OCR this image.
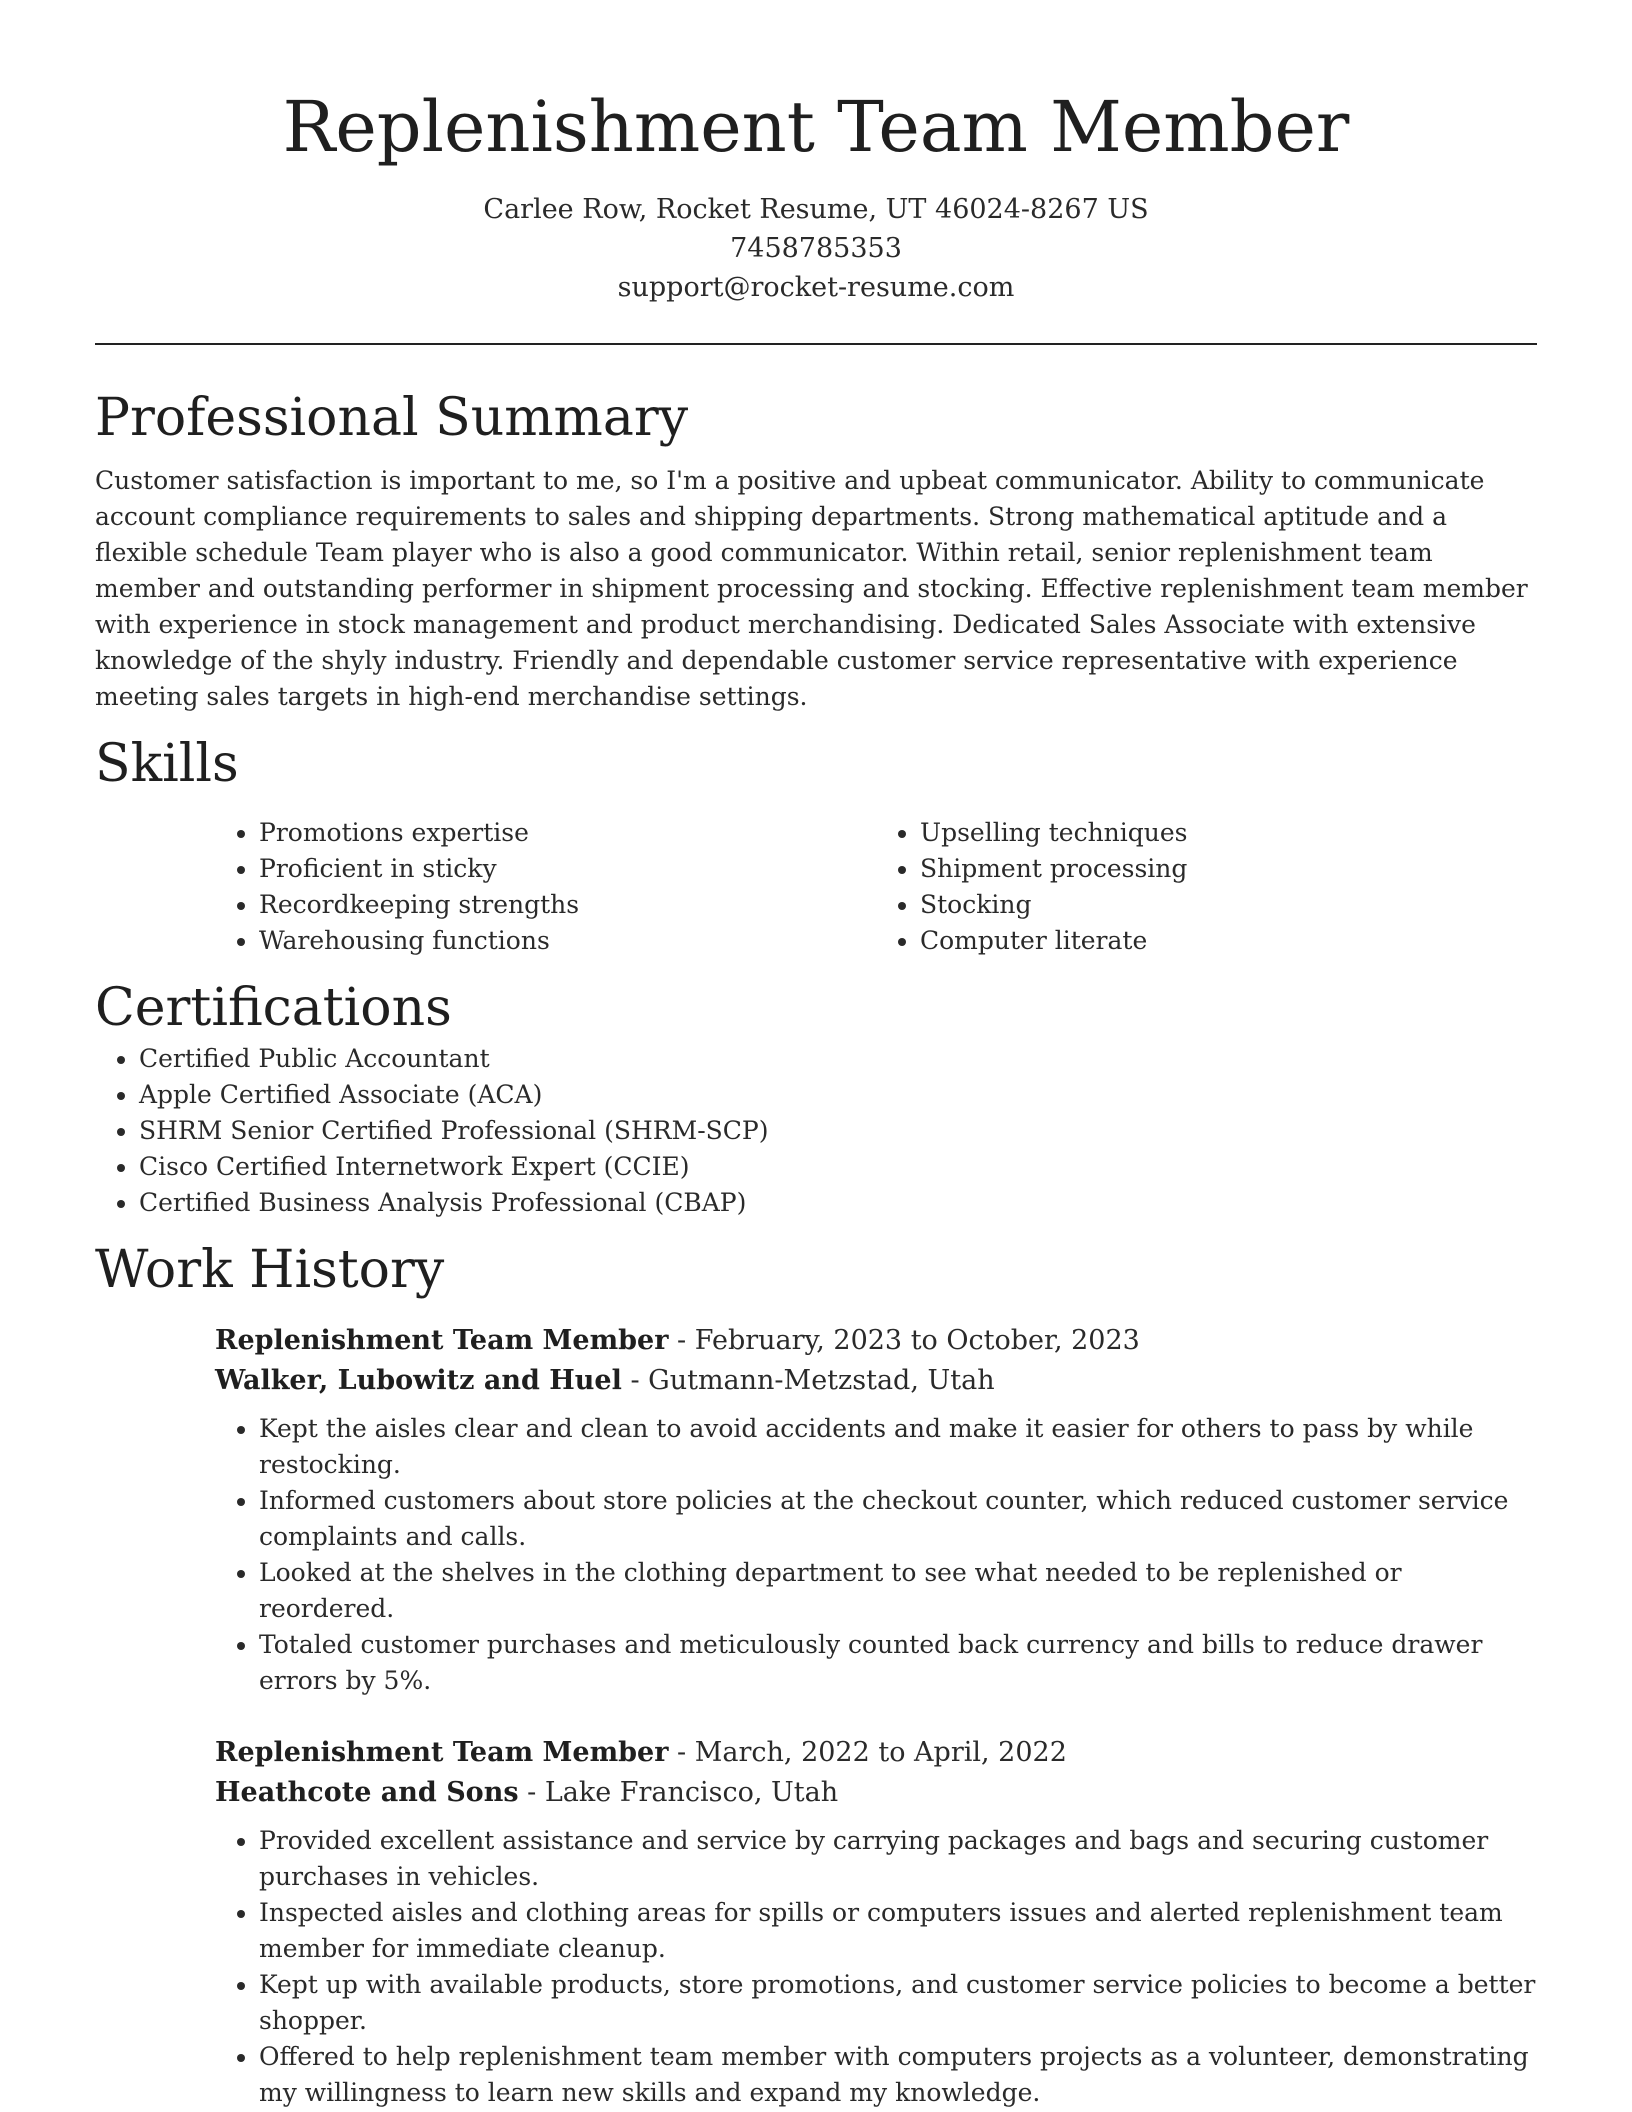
Replenishment Team Member
Carlee Row, Rocket Resume, UT 46024-8267 US
7458785353
support@rocket-resume.com
Professional Summary

Customer satisfaction is important to me, so I'm a positive and upbeat communicator. Ability to communicate account compliance requirements to sales and shipping departments. Strong mathematical aptitude and a flexible schedule Team player who is also a good communicator. Within retail, senior replenishment team member and outstanding performer in shipment processing and stocking. Effective replenishment team member with experience in stock management and product merchandising. Dedicated Sales Associate with extensive knowledge of the shyly industry. Friendly and dependable customer service representative with experience meeting sales targets in high-end merchandise settings.

Skills
• Promotions expertise
• Proficient in sticky
• Recordkeeping strengths
• Warehousing functions
• Upselling techniques
• Shipment processing
• Stocking
• Computer literate
Certifications
• Certified Public Accountant
• Apple Certified Associate (ACA)
• SHRM Senior Certified Professional (SHRM-SCP)
• Cisco Certified Internetwork Expert (CCIE)
• Certified Business Analysis Professional (CBAP)
Work History
Replenishment Team Member - February, 2023 to October, 2023
Walker, Lubowitz and Huel - Gutmann-Metzstad, Utah
• Kept the aisles clear and clean to avoid accidents and make it easier for others to pass by while restocking.
• Informed customers about store policies at the checkout counter, which reduced customer service complaints and calls.
• Looked at the shelves in the clothing department to see what needed to be replenished or reordered.
• Totaled customer purchases and meticulously counted back currency and bills to reduce drawer errors by 5%.
Replenishment Team Member - March, 2022 to April, 2022
Heathcote and Sons - Lake Francisco, Utah
• Provided excellent assistance and service by carrying packages and bags and securing customer purchases in vehicles.
• Inspected aisles and clothing areas for spills or computers issues and alerted replenishment team member for immediate cleanup.
• Kept up with available products, store promotions, and customer service policies to become a better shopper.
• Offered to help replenishment team member with computers projects as a volunteer, demonstrating my willingness to learn new skills and expand my knowledge.
